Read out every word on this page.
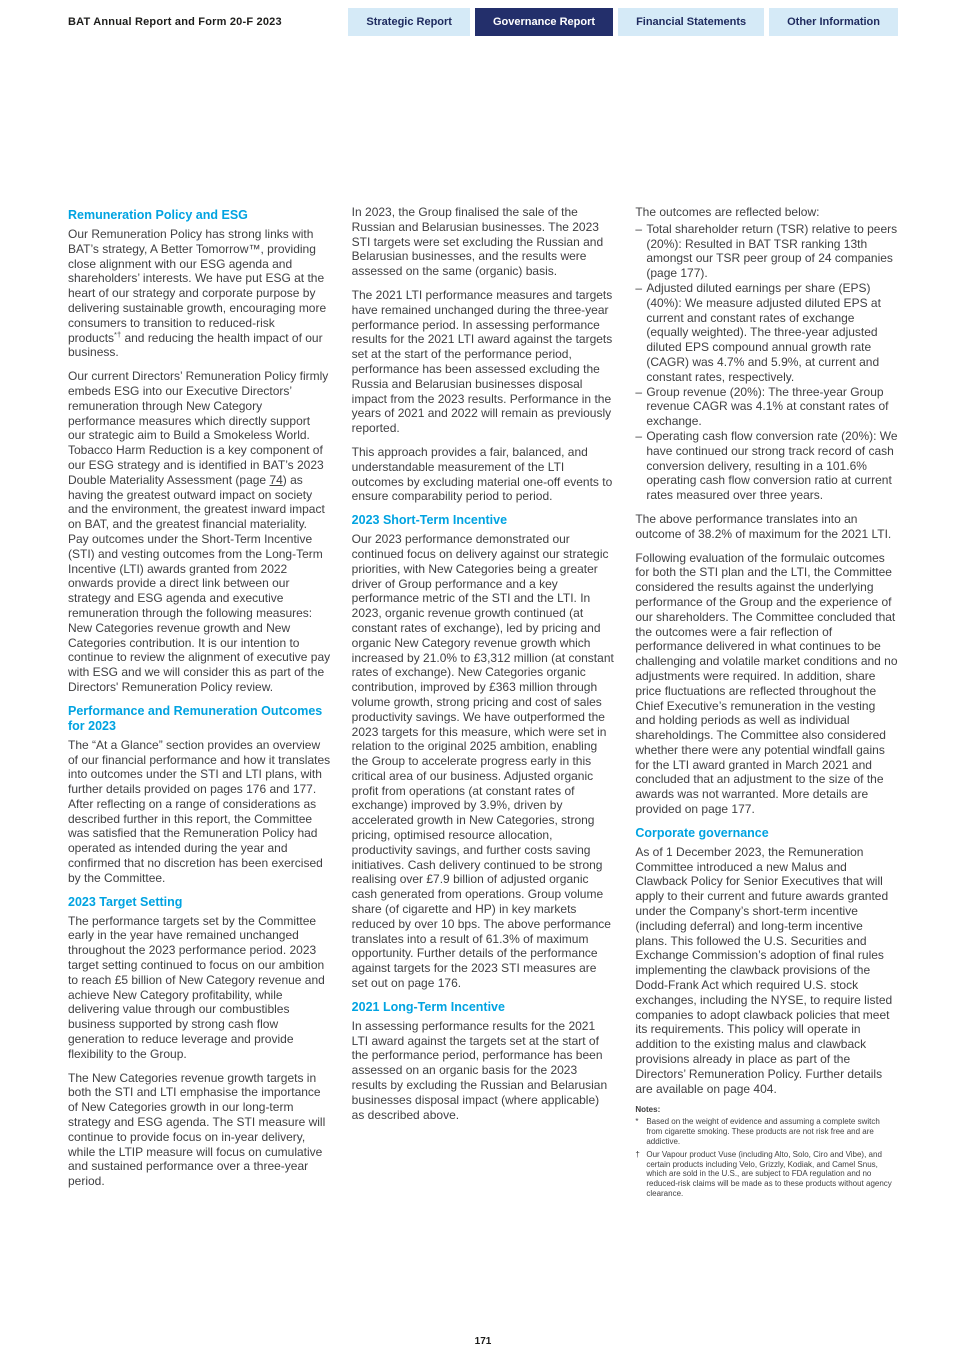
BAT Annual Report and Form 20-F 2023	Strategic Report	Governance Report	Financial Statements	Other Information
Remuneration Policy and ESG

Our Remuneration Policy has strong links with BAT’s strategy, A Better Tomorrow™, providing close alignment with our ESG agenda and shareholders’ interests. We have put ESG at the heart of our strategy and corporate purpose by delivering sustainable growth, encouraging more consumers to transition to reduced-risk products*† and reducing the health impact of our business.

Our current Directors’ Remuneration Policy firmly embeds ESG into our Executive Directors’ remuneration through New Category performance measures which directly support our strategic aim to Build a Smokeless World. Tobacco Harm Reduction is a key component of our ESG strategy and is identified in BAT’s 2023 Double Materiality Assessment (page 74) as having the greatest outward impact on society and the environment, the greatest inward impact on BAT, and the greatest financial materiality. Pay outcomes under the Short-Term Incentive (STI) and vesting outcomes from the Long-Term Incentive (LTI) awards granted from 2022 onwards provide a direct link between our strategy and ESG agenda and executive remuneration through the following measures: New Categories revenue growth and New Categories contribution. It is our intention to continue to review the alignment of executive pay with ESG and we will consider this as part of the Directors' Remuneration Policy review.

Performance and Remuneration Outcomes for 2023

The “At a Glance” section provides an overview of our financial performance and how it translates into outcomes under the STI and LTI plans, with further details provided on pages 176 and 177. After reflecting on a range of considerations as described further in this report, the Committee was satisfied that the Remuneration Policy had operated as intended during the year and confirmed that no discretion has been exercised by the Committee.

2023 Target Setting

The performance targets set by the Committee early in the year have remained unchanged throughout the 2023 performance period. 2023 target setting continued to focus on our ambition to reach £5 billion of New Category revenue and achieve New Category profitability, while delivering value through our combustibles business supported by strong cash flow generation to reduce leverage and provide flexibility to the Group.

The New Categories revenue growth targets in both the STI and LTI emphasise the importance of New Categories growth in our long-term strategy and ESG agenda. The STI measure will continue to provide focus on in-year delivery, while the LTIP measure will focus on cumulative and sustained performance over a three-year period.

In 2023, the Group finalised the sale of the Russian and Belarusian businesses. The 2023 STI targets were set excluding the Russian and Belarusian businesses, and the results were assessed on the same (organic) basis.

The 2021 LTI performance measures and targets have remained unchanged during the three-year performance period. In assessing performance results for the 2021 LTI award against the targets set at the start of the performance period, performance has been assessed excluding the Russia and Belarusian businesses disposal impact from the 2023 results. Performance in the years of 2021 and 2022 will remain as previously reported.

This approach provides a fair, balanced, and understandable measurement of the LTI outcomes by excluding material one-off events to ensure comparability period to period.

2023 Short-Term Incentive

Our 2023 performance demonstrated our continued focus on delivery against our strategic priorities, with New Categories being a greater driver of Group performance and a key performance metric of the STI and the LTI. In 2023, organic revenue growth continued (at constant rates of exchange), led by pricing and organic New Category revenue growth which increased by 21.0% to £3,312 million (at constant rates of exchange). New Categories organic contribution, improved by £363 million through volume growth, strong pricing and cost of sales productivity savings. We have outperformed the 2023 targets for this measure, which were set in relation to the original 2025 ambition, enabling the Group to accelerate progress early in this critical area of our business. Adjusted organic profit from operations (at constant rates of exchange) improved by 3.9%, driven by accelerated growth in New Categories, strong pricing, optimised resource allocation, productivity savings, and further costs saving initiatives. Cash delivery continued to be strong realising over £7.9 billion of adjusted organic cash generated from operations. Group volume share (of cigarette and HP) in key markets reduced by over 10 bps. The above performance translates into a result of 61.3% of maximum opportunity. Further details of the performance against targets for the 2023 STI measures are set out on page 176.

2021 Long-Term Incentive

In assessing performance results for the 2021 LTI award against the targets set at the start of the performance period, performance has been assessed on an organic basis for the 2023 results by excluding the Russian and Belarusian businesses disposal impact (where applicable) as described above.

The outcomes are reflected below:

– Total shareholder return (TSR) relative to peers (20%): Resulted in BAT TSR ranking 13th amongst our TSR peer group of 24 companies (page 177).
– Adjusted diluted earnings per share (EPS) (40%): We measure adjusted diluted EPS at current and constant rates of exchange (equally weighted). The three-year adjusted diluted EPS compound annual growth rate (CAGR) was 4.7% and 5.9%, at current and constant rates, respectively.
– Group revenue (20%): The three-year Group revenue CAGR was 4.1% at constant rates of exchange.
– Operating cash flow conversion rate (20%): We have continued our strong track record of cash conversion delivery, resulting in a 101.6% operating cash flow conversion ratio at current rates measured over three years.

The above performance translates into an outcome of 38.2% of maximum for the 2021 LTI.

Following evaluation of the formulaic outcomes for both the STI plan and the LTI, the Committee considered the results against the underlying performance of the Group and the experience of our shareholders. The Committee concluded that the outcomes were a fair reflection of performance delivered in what continues to be challenging and volatile market conditions and no adjustments were required. In addition, share price fluctuations are reflected throughout the Chief Executive’s remuneration in the vesting and holding periods as well as individual shareholdings. The Committee also considered whether there were any potential windfall gains for the LTI award granted in March 2021 and concluded that an adjustment to the size of the awards was not warranted. More details are provided on page 177.

Corporate governance

As of 1 December 2023, the Remuneration Committee introduced a new Malus and Clawback Policy for Senior Executives that will apply to their current and future awards granted under the Company’s short-term incentive (including deferral) and long-term incentive plans. This followed the U.S. Securities and Exchange Commission’s adoption of final rules implementing the clawback provisions of the Dodd-Frank Act which required U.S. stock exchanges, including the NYSE, to require listed companies to adopt clawback policies that meet its requirements. This policy will operate in addition to the existing malus and clawback provisions already in place as part of the Directors’ Remuneration Policy. Further details are available on page 404.

Notes:
* Based on the weight of evidence and assuming a complete switch from cigarette smoking. These products are not risk free and are addictive.
† Our Vapour product Vuse (including Alto, Solo, Ciro and Vibe), and certain products including Velo, Grizzly, Kodiak, and Camel Snus, which are sold in the U.S., are subject to FDA regulation and no reduced-risk claims will be made as to these products without agency clearance.
171
